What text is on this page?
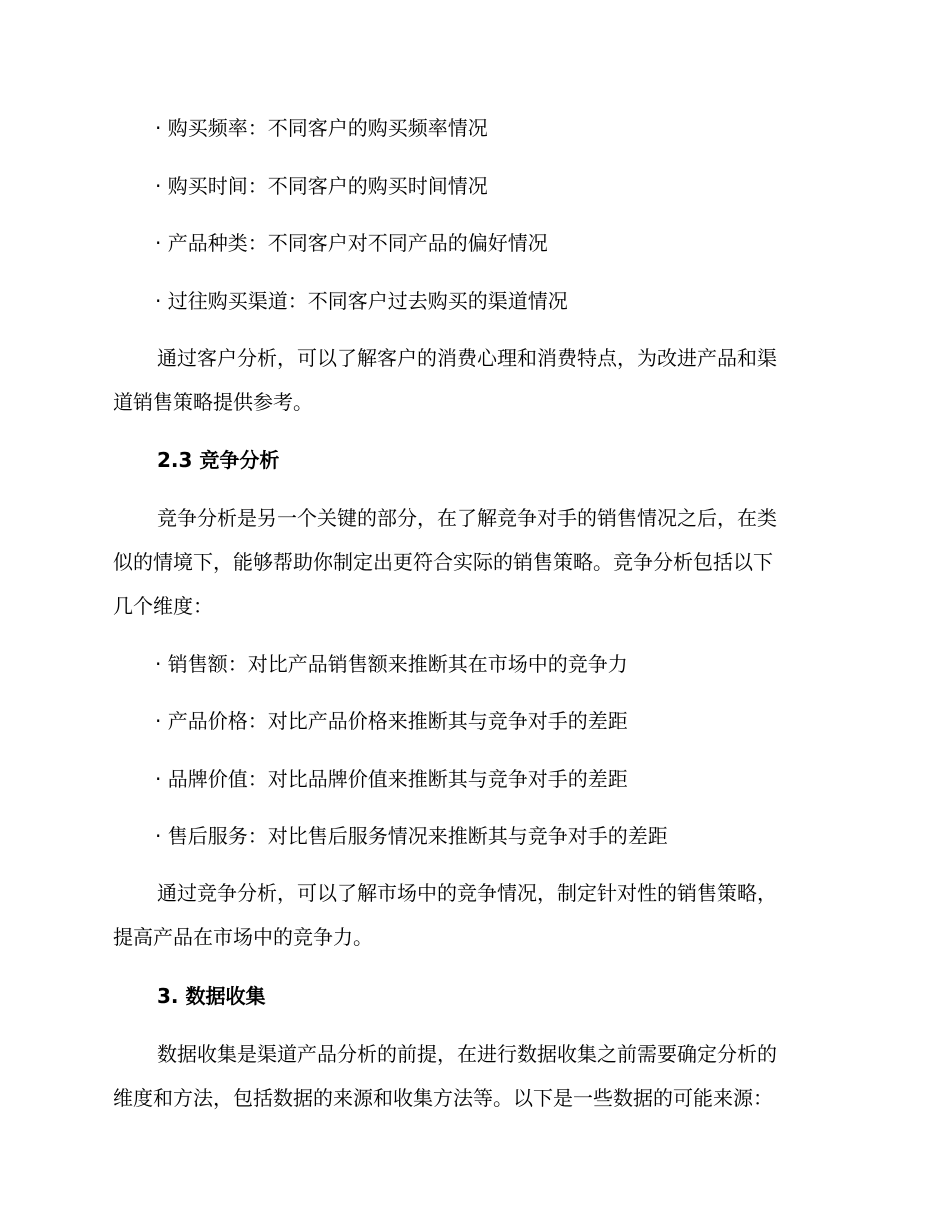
· 购买频率：不同客户的购买频率情况

· 购买时间：不同客户的购买时间情况

· 产品种类：不同客户对不同产品的偏好情况

· 过往购买渠道：不同客户过去购买的渠道情况

通过客户分析，可以了解客户的消费心理和消费特点，为改进产品和渠
道销售策略提供参考。

2.3 竞争分析

竞争分析是另一个关键的部分，在了解竞争对手的销售情况之后，在类
似的情境下，能够帮助你制定出更符合实际的销售策略。竞争分析包括以下
几个维度：

· 销售额：对比产品销售额来推断其在市场中的竞争力

· 产品价格：对比产品价格来推断其与竞争对手的差距

· 品牌价值：对比品牌价值来推断其与竞争对手的差距

· 售后服务：对比售后服务情况来推断其与竞争对手的差距

通过竞争分析，可以了解市场中的竞争情况，制定针对性的销售策略，
提高产品在市场中的竞争力。

3. 数据收集

数据收集是渠道产品分析的前提，在进行数据收集之前需要确定分析的
维度和方法，包括数据的来源和收集方法等。以下是一些数据的可能来源：
